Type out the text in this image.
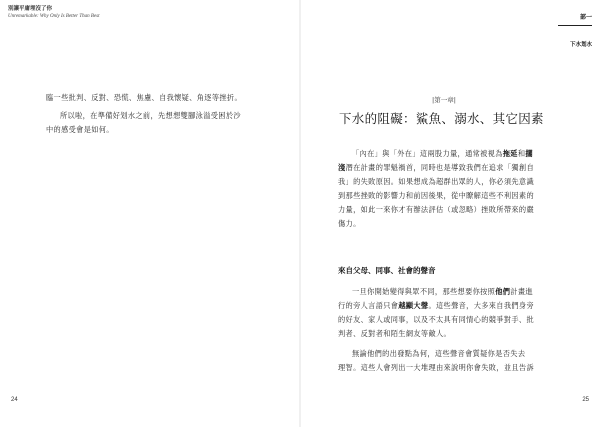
別讓平庸埋沒了你
Unremarkable: Why Only Is Better Than Best

臨一些批判、反對、恐慌、焦慮、自我懷疑、角逐等挫折。

所以啦，在準備好划水之前，先想想雙腳泳溢受困於沙
中的感受會是如何。

24
部一
下水划水
|第一章|
下水的阻礙：鯊魚、溺水、其它因素

「內在」與「外在」這兩股力量，通常被視為拖延和擱
淺潛在計畫的罪魁禍首，同時也是導致我們在追求「獨創自
我」的失敗原因。如果想成為超群出眾的人，你必須先意識
到那些挫敗的影響力和前因後果，從中瞭解這些不利因素的
力量，如此一來你才有辦法評估（或忽略）挫敗所帶來的嚴
傷力。

來自父母、同事、社會的聲音

一旦你開始變得與眾不同，那些想要你按照他們計畫進
行的旁人言語只會越顯大聲。這些聲音，大多來自我們身旁
的好友、家人或同事，以及不太具有同情心的競爭對手、批
判者、反對者和陌生網友等敵人。

無論他們的出發點為何，這些聲音會質疑你是否失去
理智。這些人會列出一大堆理由來說明你會失敗，並且告訴

25
